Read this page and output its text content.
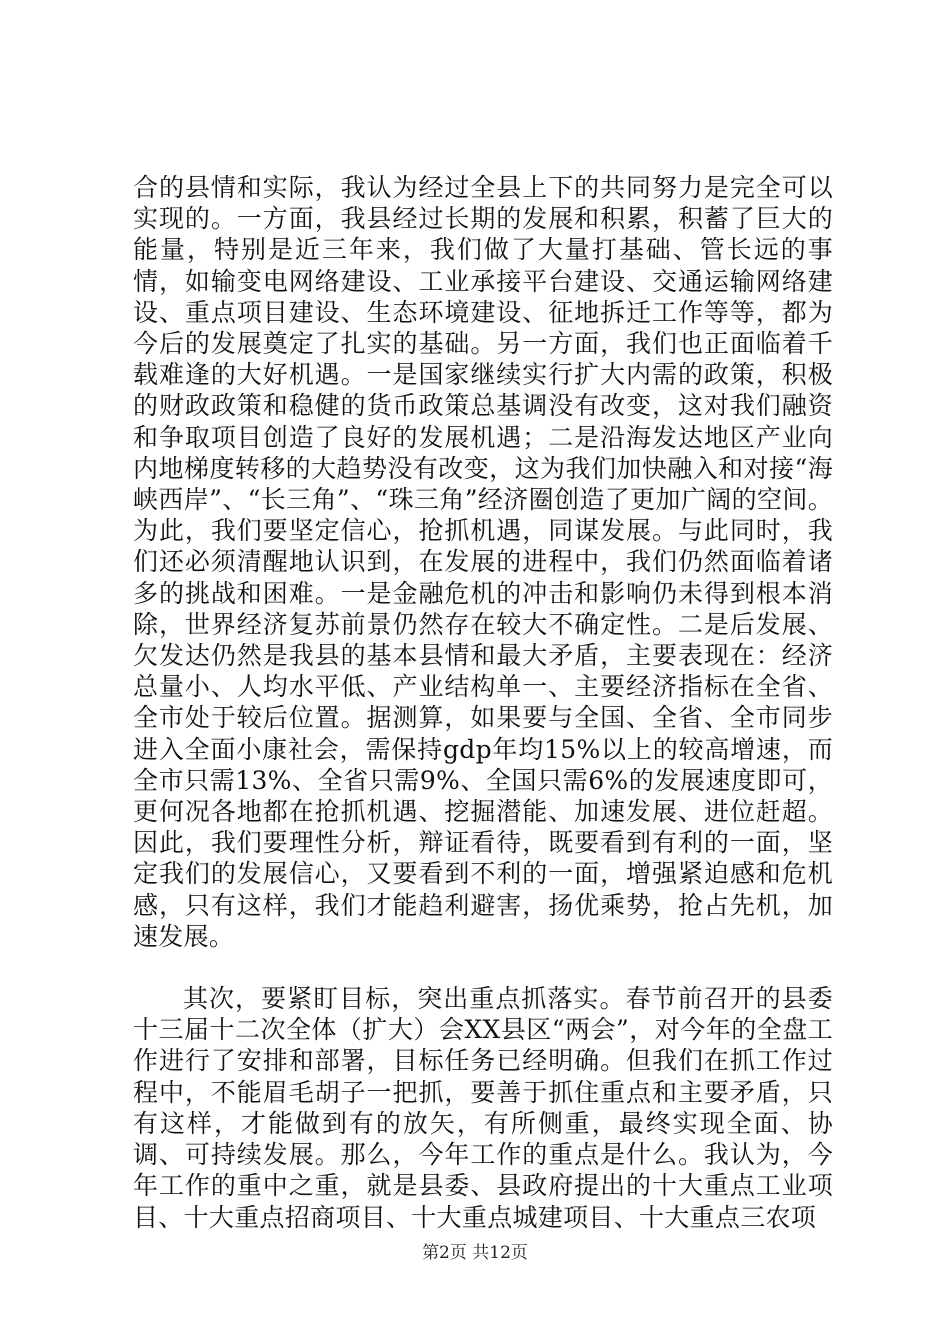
合的县情和实际，我认为经过全县上下的共同努力是完全可以实现的。一方面，我县经过长期的发展和积累，积蓄了巨大的能量，特别是近三年来，我们做了大量打基础、管长远的事情，如输变电网络建设、工业承接平台建设、交通运输网络建设、重点项目建设、生态环境建设、征地拆迁工作等等，都为今后的发展奠定了扎实的基础。另一方面，我们也正面临着千载难逢的大好机遇。一是国家继续实行扩大内需的政策，积极的财政政策和稳健的货币政策总基调没有改变，这对我们融资和争取项目创造了良好的发展机遇；二是沿海发达地区产业向内地梯度转移的大趋势没有改变，这为我们加快融入和对接“海峡西岸”、“长三角”、“珠三角”经济圈创造了更加广阔的空间。为此，我们要坚定信心，抢抓机遇，同谋发展。与此同时，我们还必须清醒地认识到，在发展的进程中，我们仍然面临着诸多的挑战和困难。一是金融危机的冲击和影响仍未得到根本消除，世界经济复苏前景仍然存在较大不确定性。二是后发展、欠发达仍然是我县的基本县情和最大矛盾，主要表现在：经济总量小、人均水平低、产业结构单一、主要经济指标在全省、全市处于较后位置。据测算，如果要与全国、全省、全市同步进入全面小康社会，需保持gdp年均15%以上的较高增速，而全市只需13%、全省只需9%、全国只需6%的发展速度即可，更何况各地都在抢抓机遇、挖掘潜能、加速发展、进位赶超。因此，我们要理性分析，辩证看待，既要看到有利的一面，坚定我们的发展信心，又要看到不利的一面，增强紧迫感和危机感，只有这样，我们才能趋利避害，扬优乘势，抢占先机，加速发展。

其次，要紧盯目标，突出重点抓落实。春节前召开的县委十三届十二次全体（扩大）会XX县区“两会”，对今年的全盘工作进行了安排和部署，目标任务已经明确。但我们在抓工作过程中，不能眉毛胡子一把抓，要善于抓住重点和主要矛盾，只有这样，才能做到有的放矢，有所侧重，最终实现全面、协调、可持续发展。那么，今年工作的重点是什么。我认为，今年工作的重中之重，就是县委、县政府提出的十大重点工业项目、十大重点招商项目、十大重点城建项目、十大重点三农项

第2页 共12页
